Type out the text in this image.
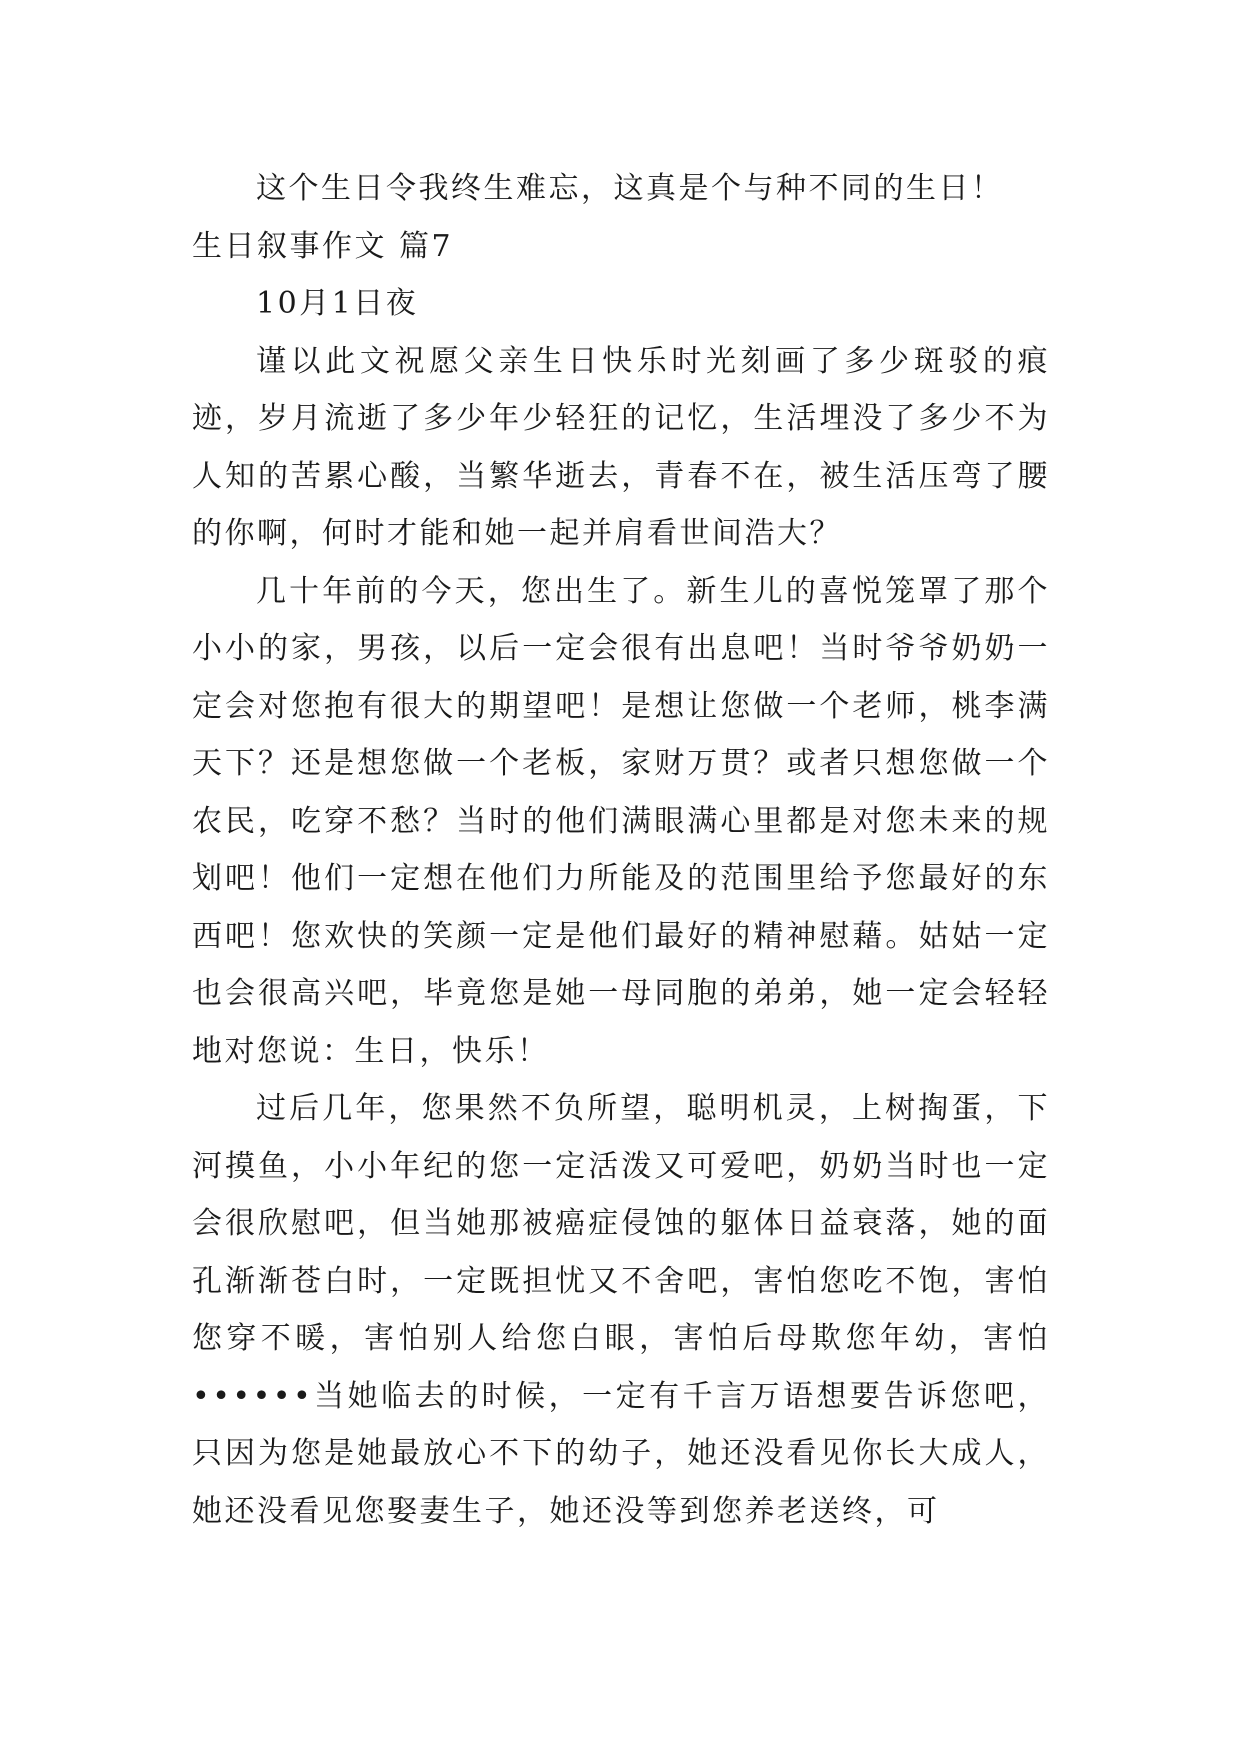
这个生日令我终生难忘，这真是个与种不同的生日！

生日叙事作文 篇7

10月1日夜

谨以此文祝愿父亲生日快乐时光刻画了多少斑驳的痕迹，岁月流逝了多少年少轻狂的记忆，生活埋没了多少不为人知的苦累心酸，当繁华逝去，青春不在，被生活压弯了腰的你啊，何时才能和她一起并肩看世间浩大？

几十年前的今天，您出生了。新生儿的喜悦笼罩了那个小小的家，男孩，以后一定会很有出息吧！当时爷爷奶奶一定会对您抱有很大的期望吧！是想让您做一个老师，桃李满天下？还是想您做一个老板，家财万贯？或者只想您做一个农民，吃穿不愁？当时的他们满眼满心里都是对您未来的规划吧！他们一定想在他们力所能及的范围里给予您最好的东西吧！您欢快的笑颜一定是他们最好的精神慰藉。姑姑一定也会很高兴吧，毕竟您是她一母同胞的弟弟，她一定会轻轻地对您说：生日，快乐！

过后几年，您果然不负所望，聪明机灵，上树掏蛋，下河摸鱼，小小年纪的您一定活泼又可爱吧，奶奶当时也一定会很欣慰吧，但当她那被癌症侵蚀的躯体日益衰落，她的面孔渐渐苍白时，一定既担忧又不舍吧，害怕您吃不饱，害怕您穿不暖，害怕别人给您白眼，害怕后母欺您年幼，害怕••••••当她临去的时候，一定有千言万语想要告诉您吧，只因为您是她最放心不下的幼子，她还没看见你长大成人，她还没看见您娶妻生子，她还没等到您养老送终，可
